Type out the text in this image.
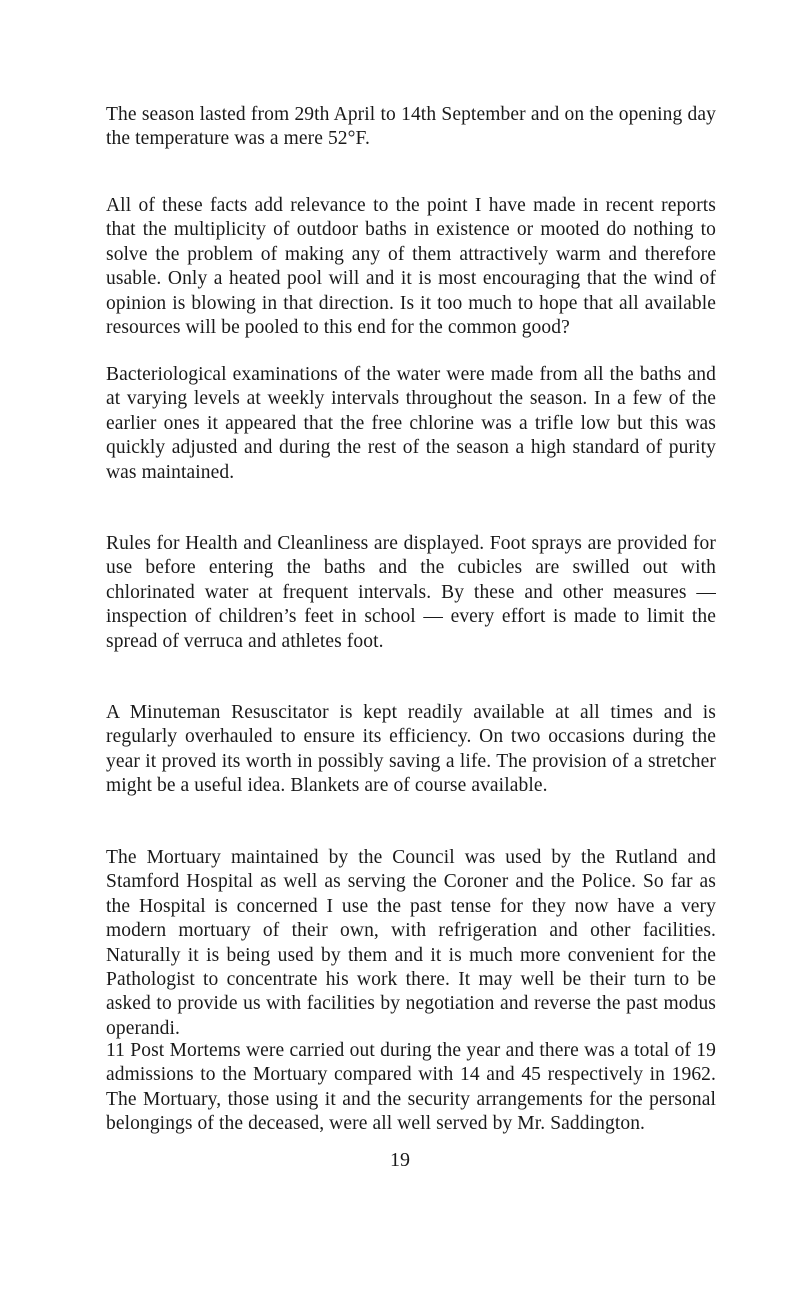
The season lasted from 29th April to 14th September and on the opening day the temperature was a mere 52°F.

All of these facts add relevance to the point I have made in recent reports that the multiplicity of outdoor baths in existence or mooted do nothing to solve the problem of making any of them attractively warm and therefore usable. Only a heated pool will and it is most encouraging that the wind of opinion is blowing in that direction. Is it too much to hope that all available resources will be pooled to this end for the common good?

Bacteriological examinations of the water were made from all the baths and at varying levels at weekly intervals throughout the season. In a few of the earlier ones it appeared that the free chlorine was a trifle low but this was quickly adjusted and during the rest of the season a high standard of purity was maintained.

Rules for Health and Cleanliness are displayed. Foot sprays are provided for use before entering the baths and the cubicles are swilled out with chlorinated water at frequent intervals. By these and other measures — inspection of children’s feet in school — every effort is made to limit the spread of verruca and athletes foot.

A Minuteman Resuscitator is kept readily available at all times and is regularly overhauled to ensure its efficiency. On two occasions during the year it proved its worth in possibly saving a life. The provision of a stretcher might be a useful idea. Blankets are of course available.

The Mortuary maintained by the Council was used by the Rutland and Stamford Hospital as well as serving the Coroner and the Police. So far as the Hospital is concerned I use the past tense for they now have a very modern mortuary of their own, with refrigeration and other facilities. Naturally it is being used by them and it is much more convenient for the Pathologist to concentrate his work there. It may well be their turn to be asked to provide us with facilities by negotiation and reverse the past modus operandi.

11 Post Mortems were carried out during the year and there was a total of 19 admissions to the Mortuary compared with 14 and 45 respectively in 1962. The Mortuary, those using it and the security arrangements for the personal belongings of the deceased, were all well served by Mr. Saddington.

19
